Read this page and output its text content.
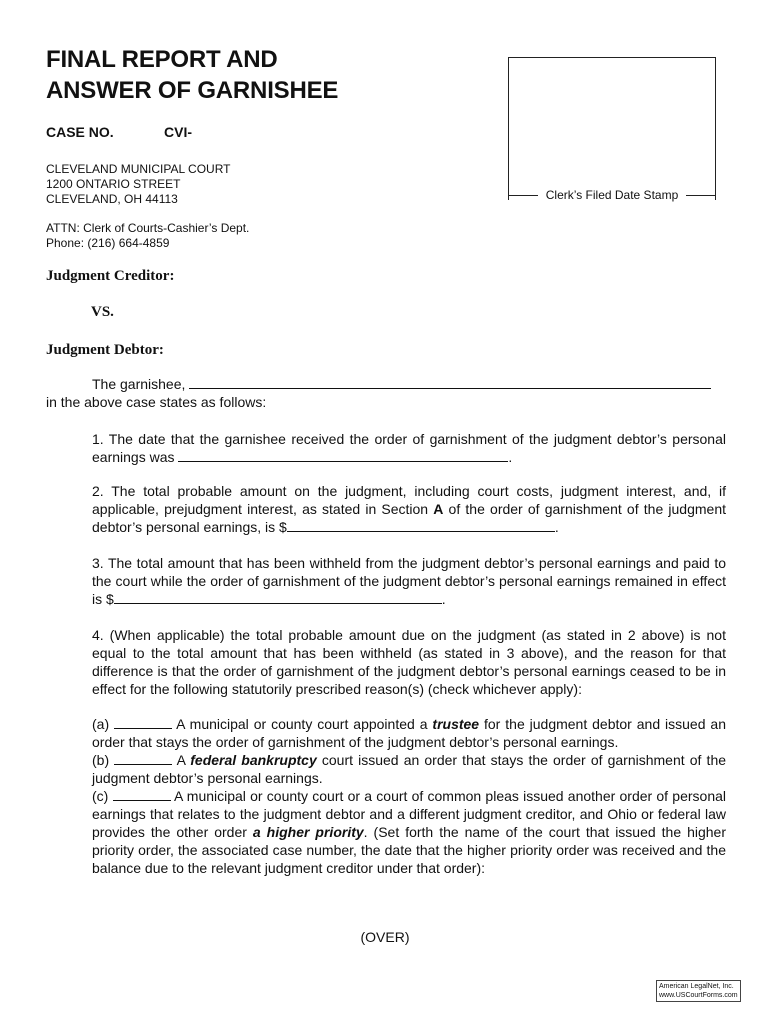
FINAL REPORT AND
ANSWER OF GARNISHEE
CASE NO.	CVI-
CLEVELAND MUNICIPAL COURT
1200 ONTARIO STREET
CLEVELAND, OH 44113
ATTN: Clerk of Courts-Cashier’s Dept.
Phone: (216) 664-4859
Clerk’s Filed Date Stamp
Judgment Creditor:
VS.
Judgment Debtor:

The garnishee,

in the above case states as follows:

1. The date that the garnishee received the order of garnishment of the judgment debtor’s personal earnings was	.

2. The total probable amount on the judgment, including court costs, judgment interest, and, if applicable, prejudgment interest, as stated in Section A of the order of garnishment of the judgment debtor’s personal earnings, is $	.

3. The total amount that has been withheld from the judgment debtor’s personal earnings and paid to the court while the order of garnishment of the judgment debtor’s personal earnings remained in effect is $	.

4. (When applicable) the total probable amount due on the judgment (as stated in 2 above) is not equal to the total amount that has been withheld (as stated in 3 above), and the reason for that difference is that the order of garnishment of the judgment debtor’s personal earnings ceased to be in effect for the following statutorily prescribed reason(s) (check whichever apply):

(a)	A municipal or county court appointed a trustee for the judgment debtor and issued an order that stays the order of garnishment of the judgment debtor’s personal earnings.

(b)	A federal bankruptcy court issued an order that stays the order of garnishment of the judgment debtor’s personal earnings.

(c)	A municipal or county court or a court of common pleas issued another order of personal earnings that relates to the judgment debtor and a different judgment creditor, and Ohio or federal law provides the other order a higher priority. (Set forth the name of the court that issued the higher priority order, the associated case number, the date that the higher priority order was received and the balance due to the relevant judgment creditor under that order):

(OVER)
American LegalNet, Inc.
www.USCourtForms.com
